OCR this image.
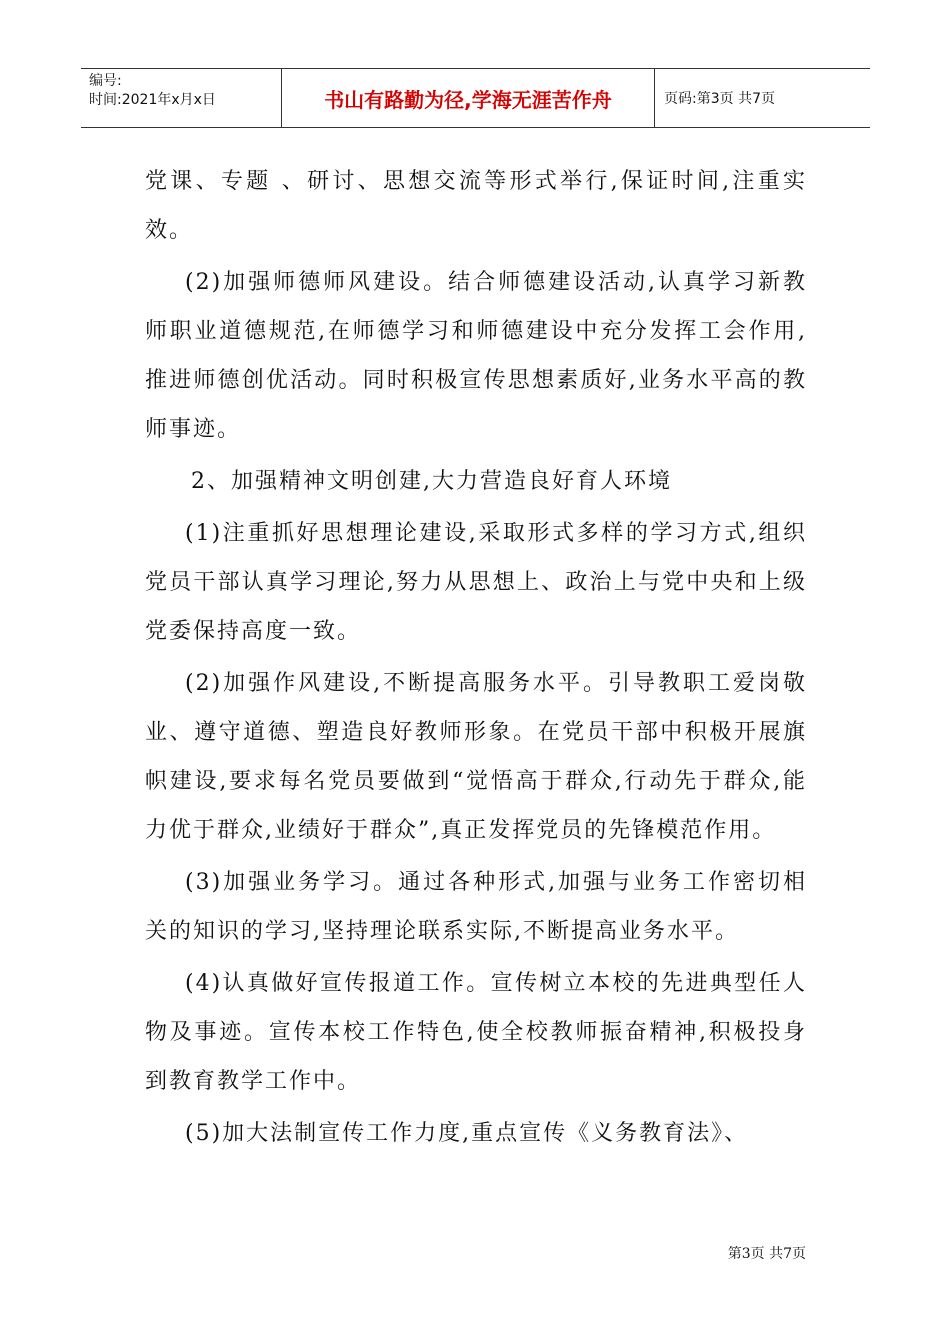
编号:
时间:2021年x月x日	书山有路勤为径,学海无涯苦作舟	页码:第3页 共7页

党课、专题 、研讨、思想交流等形式举行,保证时间,注重实效。

(2)加强师德师风建设。结合师德建设活动,认真学习新教师职业道德规范,在师德学习和师德建设中充分发挥工会作用,推进师德创优活动。同时积极宣传思想素质好,业务水平高的教师事迹。

2、加强精神文明创建,大力营造良好育人环境

(1)注重抓好思想理论建设,采取形式多样的学习方式,组织党员干部认真学习理论,努力从思想上、政治上与党中央和上级党委保持高度一致。

(2)加强作风建设,不断提高服务水平。引导教职工爱岗敬业、遵守道德、塑造良好教师形象。在党员干部中积极开展旗帜建设,要求每名党员要做到“觉悟高于群众,行动先于群众,能力优于群众,业绩好于群众”,真正发挥党员的先锋模范作用。

(3)加强业务学习。通过各种形式,加强与业务工作密切相关的知识的学习,坚持理论联系实际,不断提高业务水平。

(4)认真做好宣传报道工作。宣传树立本校的先进典型任人物及事迹。宣传本校工作特色,使全校教师振奋精神,积极投身到教育教学工作中。

(5)加大法制宣传工作力度,重点宣传《义务教育法》、

第3页 共7页
